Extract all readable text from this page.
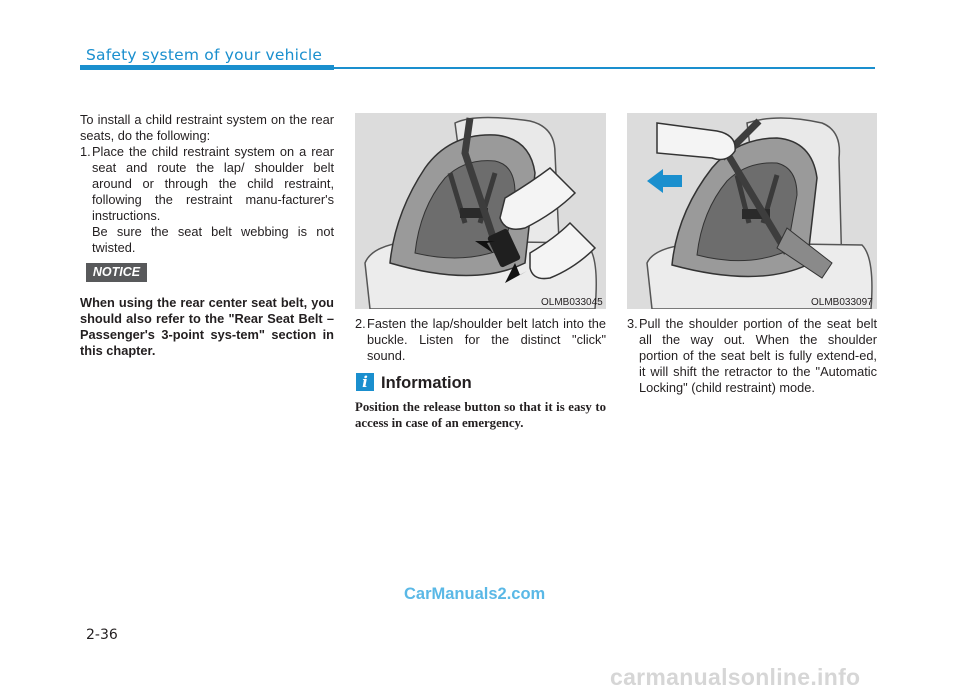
Safety system of your vehicle

To install a child restraint system on the rear seats, do the following:

1. Place the child restraint system on a rear seat and route the lap/ shoulder belt around or through the child restraint, following the restraint manu-facturer's instructions.

Be sure the seat belt webbing is not twisted.

NOTICE
When using the rear center seat belt, you should also refer to the "Rear Seat Belt – Passenger's 3-point sys-tem" section in this chapter.
OLMB033045
2. Fasten the lap/shoulder belt latch into the buckle. Listen for the distinct "click" sound.
i Information
Position the release button so that it is easy to access in case of an emergency.
OLMB033097
3. Pull the shoulder portion of the seat belt all the way out. When the shoulder portion of the seat belt is fully extend-ed, it will shift the retractor to the "Automatic Locking" (child restraint) mode.
CarManuals2.com
2-36
carmanualsonline.info
